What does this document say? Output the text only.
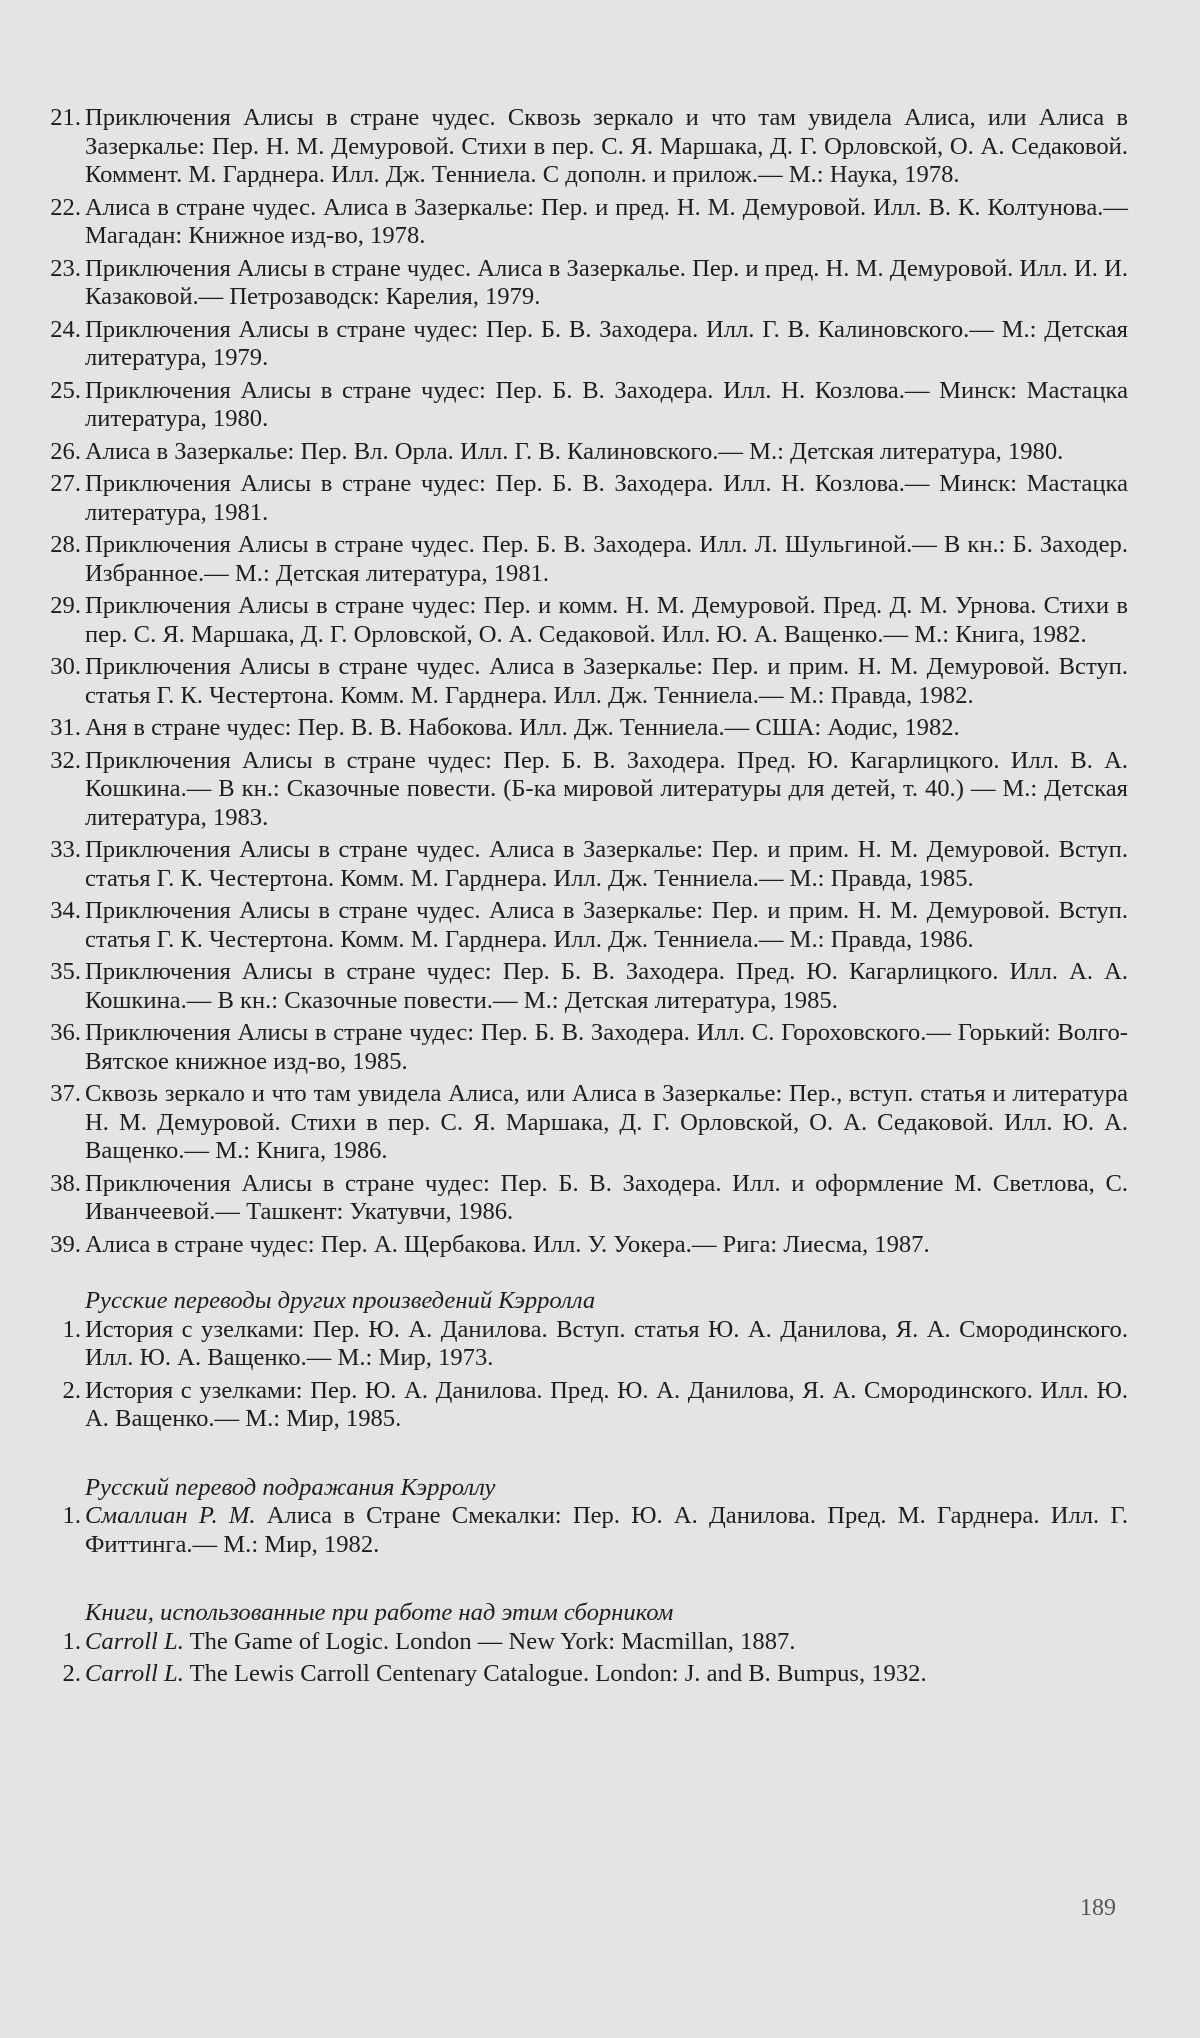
21. Приключения Алисы в стране чудес. Сквозь зеркало и что там увидела Алиса, или Алиса в Зазеркалье: Пер. Н. М. Демуровой. Стихи в пер. С. Я. Маршака, Д. Г. Орловской, О. А. Седаковой. Коммент. М. Гарднера. Илл. Дж. Тенниела. С дополн. и прилож.— М.: Наука, 1978.
22. Алиса в стране чудес. Алиса в Зазеркалье: Пер. и пред. Н. М. Демуровой. Илл. В. К. Колтунова.— Магадан: Книжное изд-во, 1978.
23. Приключения Алисы в стране чудес. Алиса в Зазеркалье. Пер. и пред. Н. М. Демуровой. Илл. И. И. Казаковой.— Петрозаводск: Карелия, 1979.
24. Приключения Алисы в стране чудес: Пер. Б. В. Заходера. Илл. Г. В. Калиновского.— М.: Детская литература, 1979.
25. Приключения Алисы в стране чудес: Пер. Б. В. Заходера. Илл. Н. Козлова.— Минск: Мастацка литература, 1980.
26. Алиса в Зазеркалье: Пер. Вл. Орла. Илл. Г. В. Калиновского.— М.: Детская литература, 1980.
27. Приключения Алисы в стране чудес: Пер. Б. В. Заходера. Илл. Н. Козлова.— Минск: Мастацка литература, 1981.
28. Приключения Алисы в стране чудес. Пер. Б. В. Заходера. Илл. Л. Шульгиной.— В кн.: Б. Заходер. Избранное.— М.: Детская литература, 1981.
29. Приключения Алисы в стране чудес: Пер. и комм. Н. М. Демуровой. Пред. Д. М. Урнова. Стихи в пер. С. Я. Маршака, Д. Г. Орловской, О. А. Седаковой. Илл. Ю. А. Ващенко.— М.: Книга, 1982.
30. Приключения Алисы в стране чудес. Алиса в Зазеркалье: Пер. и прим. Н. М. Демуровой. Вступ. статья Г. К. Честертона. Комм. М. Гарднера. Илл. Дж. Тенниела.— М.: Правда, 1982.
31. Аня в стране чудес: Пер. В. В. Набокова. Илл. Дж. Тенниела.— США: Аодис, 1982.
32. Приключения Алисы в стране чудес: Пер. Б. В. Заходера. Пред. Ю. Кагарлицкого. Илл. В. А. Кошкина.— В кн.: Сказочные повести. (Б-ка мировой литературы для детей, т. 40.) — М.: Детская литература, 1983.
33. Приключения Алисы в стране чудес. Алиса в Зазеркалье: Пер. и прим. Н. М. Демуровой. Вступ. статья Г. К. Честертона. Комм. М. Гарднера. Илл. Дж. Тенниела.— М.: Правда, 1985.
34. Приключения Алисы в стране чудес. Алиса в Зазеркалье: Пер. и прим. Н. М. Демуровой. Вступ. статья Г. К. Честертона. Комм. М. Гарднера. Илл. Дж. Тенниела.— М.: Правда, 1986.
35. Приключения Алисы в стране чудес: Пер. Б. В. Заходера. Пред. Ю. Кагарлицкого. Илл. А. А. Кошкина.— В кн.: Сказочные повести.— М.: Детская литература, 1985.
36. Приключения Алисы в стране чудес: Пер. Б. В. Заходера. Илл. С. Гороховского.— Горький: Волго-Вятское книжное изд-во, 1985.
37. Сквозь зеркало и что там увидела Алиса, или Алиса в Зазеркалье: Пер., вступ. статья и литература Н. М. Демуровой. Стихи в пер. С. Я. Маршака, Д. Г. Орловской, О. А. Седаковой. Илл. Ю. А. Ващенко.— М.: Книга, 1986.
38. Приключения Алисы в стране чудес: Пер. Б. В. Заходера. Илл. и оформление М. Светлова, С. Иванчеевой.— Ташкент: Укатувчи, 1986.
39. Алиса в стране чудес: Пер. А. Щербакова. Илл. У. Уокера.— Рига: Лиесма, 1987.
Русские переводы других произведений Кэрролла
1. История с узелками: Пер. Ю. А. Данилова. Вступ. статья Ю. А. Данилова, Я. А. Смородинского. Илл. Ю. А. Ващенко.— М.: Мир, 1973.
2. История с узелками: Пер. Ю. А. Данилова. Пред. Ю. А. Данилова, Я. А. Смородинского. Илл. Ю. А. Ващенко.— М.: Мир, 1985.
Русский перевод подражания Кэрроллу
1. Смаллиан Р. М. Алиса в Стране Смекалки: Пер. Ю. А. Данилова. Пред. М. Гарднера. Илл. Г. Фиттинга.— М.: Мир, 1982.
Книги, использованные при работе над этим сборником
1. Carroll L. The Game of Logic. London — New York: Macmillan, 1887.
2. Carroll L. The Lewis Carroll Centenary Catalogue. London: J. and B. Bumpus, 1932.
189
